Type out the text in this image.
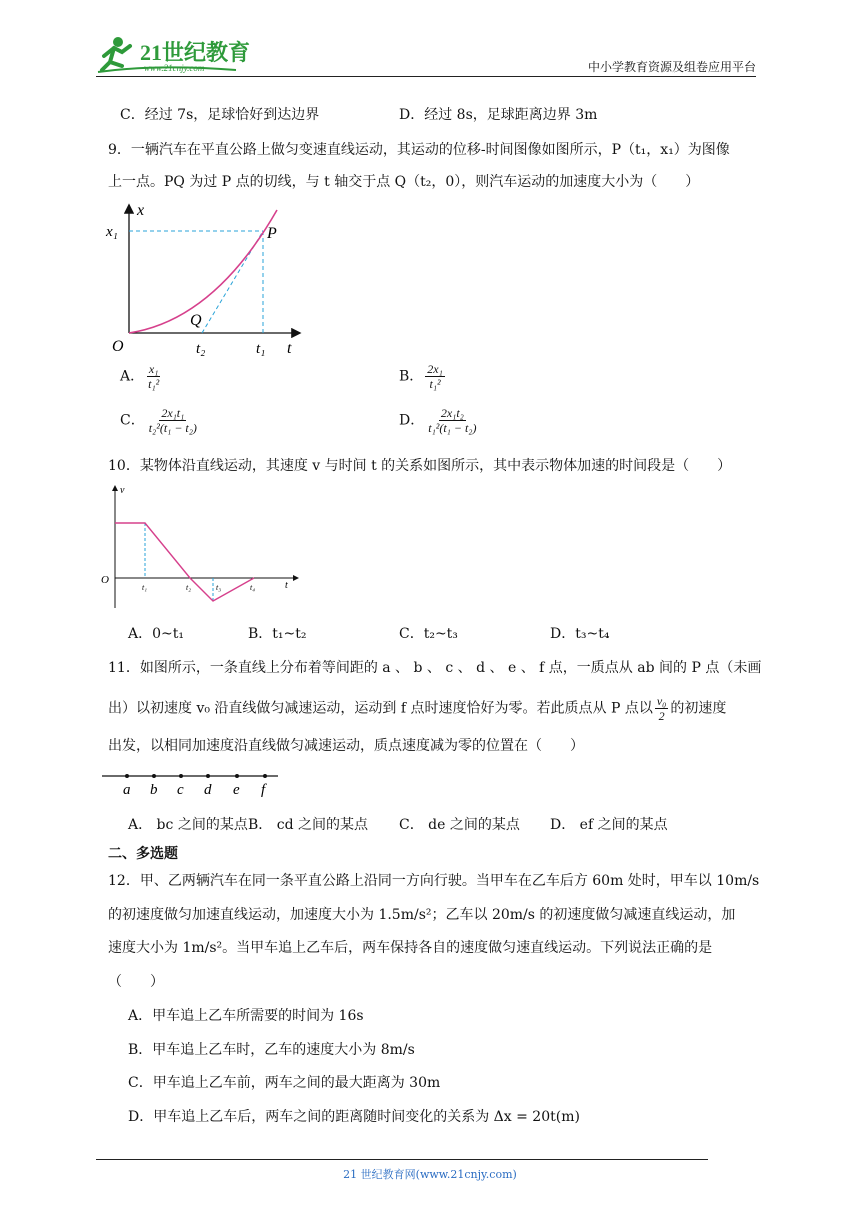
21世纪教育
www.21cnjy.com	中小学教育资源及组卷应用平台
C．经过 7s，足球恰好到达边界	D．经过 8s，足球距离边界 3m
9．一辆汽车在平直公路上做匀变速直线运动，其运动的位移-时间图像如图所示，P（t₁，x₁）为图像
上一点。PQ 为过 P 点的切线，与 t 轴交于点 Q（t₂，0），则汽车运动的加速度大小为（　　）
x
t
O
x₁	P
Q
t₂	t₁
A． $\frac{\text{x₁}}{\text{t₁²}}$	B． $\frac{\text{2x₁}}{\text{t₁²}}$
C． $\frac{\text{2x₁t₁}}{\text{t₂²(t₁ − t₂)}}$	D． $\frac{\text{2x₁t₂}}{\text{t₁²(t₁ − t₂)}}$
10．某物体沿直线运动，其速度 v 与时间 t 的关系如图所示，其中表示物体加速的时间段是（　　）
v
t
O
t₁	t₂	t₃	t₄
A．0~t₁	B．t₁~t₂	C．t₂~t₃	D．t₃~t₄
11．如图所示，一条直线上分布着等间距的 a 、 b 、 c 、 d 、 e 、 f 点，一质点从 ab 间的 P 点（未画
出）以初速度 v₀ 沿直线做匀减速运动，运动到 f 点时速度恰好为零。若此质点从 P 点以 $\frac{\text{v₀}}{2}$ 的初速度
出发，以相同加速度沿直线做匀减速运动，质点速度减为零的位置在（　　）
a b c d e f
A． bc 之间的某点 B． cd 之间的某点 C． de 之间的某点 D． ef 之间的某点
二、多选题
12．甲、乙两辆汽车在同一条平直公路上沿同一方向行驶。当甲车在乙车后方 60m 处时，甲车以 10m/s
的初速度做匀加速直线运动，加速度大小为 1.5m/s²；乙车以 20m/s 的初速度做匀减速直线运动，加
速度大小为 1m/s²。当甲车追上乙车后，两车保持各自的速度做匀速直线运动。下列说法正确的是
（　　）
A．甲车追上乙车所需要的时间为 16s
B．甲车追上乙车时，乙车的速度大小为 8m/s
C．甲车追上乙车前，两车之间的最大距离为 30m
D．甲车追上乙车后，两车之间的距离随时间变化的关系为 Δx = 20t(m)
21 世纪教育网(www.21cnjy.com)
